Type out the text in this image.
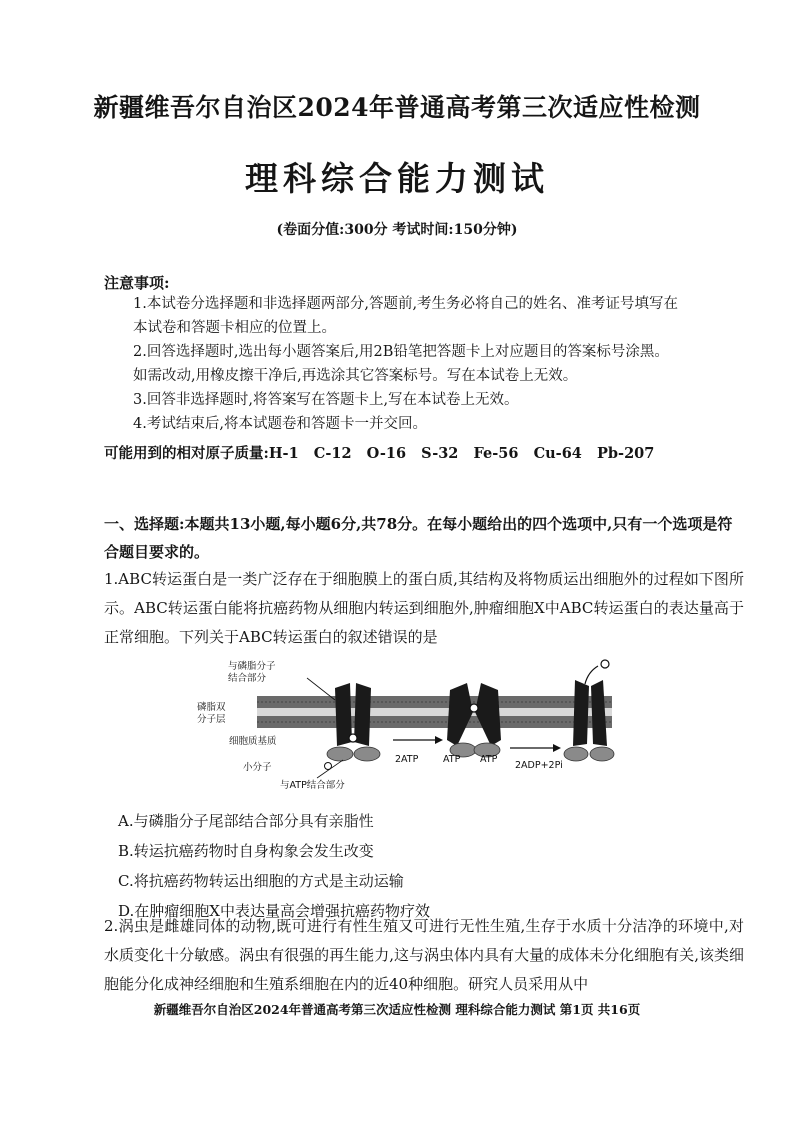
新疆维吾尔自治区2024年普通高考第三次适应性检测
理科综合能力测试
(卷面分值:300分 考试时间:150分钟)
注意事项:
1.本试卷分选择题和非选择题两部分,答题前,考生务必将自己的姓名、准考证号填写在
本试卷和答题卡相应的位置上。
2.回答选择题时,选出每小题答案后,用2B铅笔把答题卡上对应题目的答案标号涂黑。
如需改动,用橡皮擦干净后,再选涂其它答案标号。写在本试卷上无效。
3.回答非选择题时,将答案写在答题卡上,写在本试卷上无效。
4.考试结束后,将本试题卷和答题卡一并交回。
可能用到的相对原子质量:H-1   C-12   O-16   S-32   Fe-56   Cu-64   Pb-207
一、选择题:本题共13小题,每小题6分,共78分。在每小题给出的四个选项中,只有一个选项是符合题目要求的。
1.ABC转运蛋白是一类广泛存在于细胞膜上的蛋白质,其结构及将物质运出细胞外的过程如下图所示。ABC转运蛋白能将抗癌药物从细胞内转运到细胞外,肿瘤细胞X中ABC转运蛋白的表达量高于正常细胞。下列关于ABC转运蛋白的叙述错误的是
与磷脂分子
结合部分
磷脂双
分子层
细胞质基质
小分子
与ATP结合部分
2ATP	ATP ATP
2ADP+2Pi
A.与磷脂分子尾部结合部分具有亲脂性
B.转运抗癌药物时自身构象会发生改变
C.将抗癌药物转运出细胞的方式是主动运输
D.在肿瘤细胞X中表达量高会增强抗癌药物疗效
2.涡虫是雌雄同体的动物,既可进行有性生殖又可进行无性生殖,生存于水质十分洁净的环境中,对水质变化十分敏感。涡虫有很强的再生能力,这与涡虫体内具有大量的成体未分化细胞有关,该类细胞能分化成神经细胞和生殖系细胞在内的近40种细胞。研究人员采用从中
新疆维吾尔自治区2024年普通高考第三次适应性检测 理科综合能力测试 第1页 共16页
